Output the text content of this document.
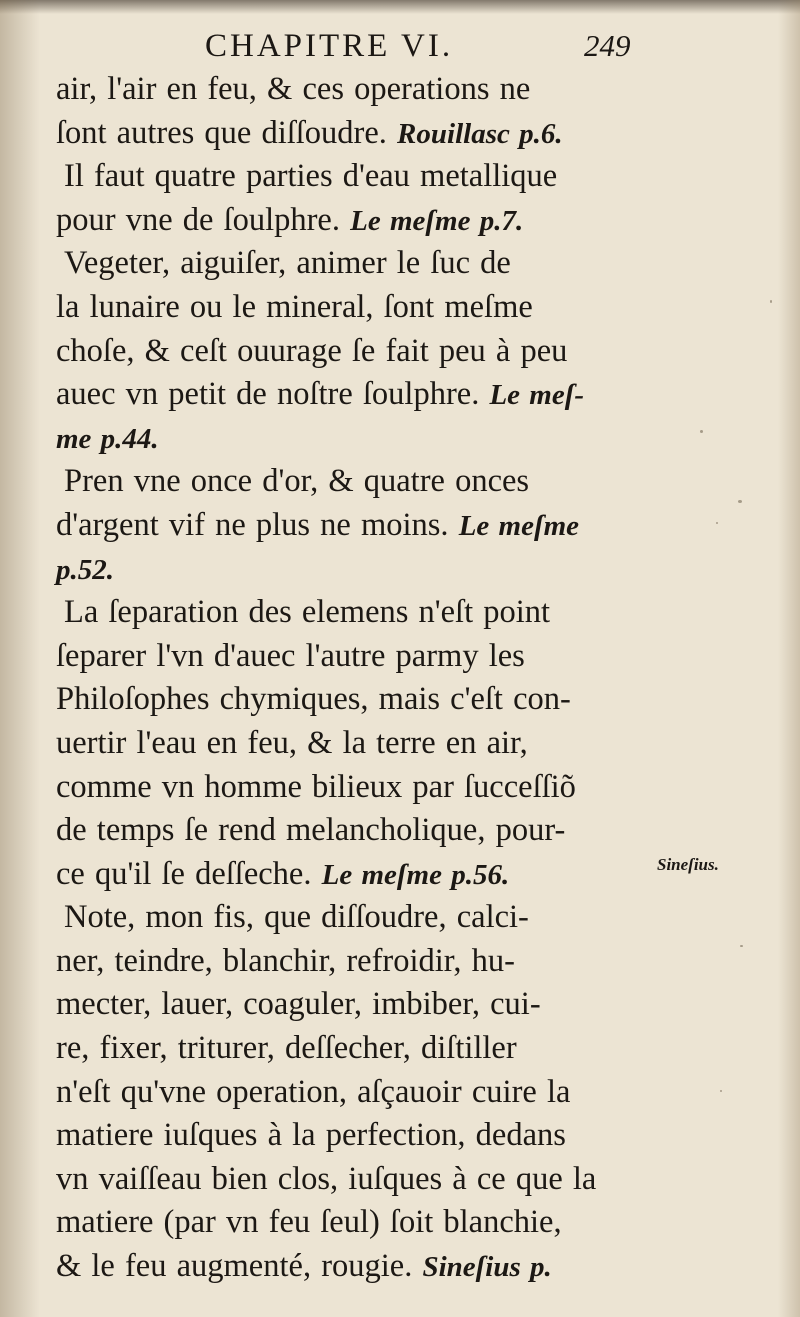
CHAPITRE VI.	249
air, l'air en feu, & ces operations ne
ſont autres que diſſoudre. Rouillasc p.6.
Il faut quatre parties d'eau metallique
pour vne de ſoulphre. Le meſme p.7.
Vegeter, aiguiſer, animer le ſuc de
la lunaire ou le mineral, ſont meſme
choſe, & ceſt ouurage ſe fait peu à peu
auec vn petit de noſtre ſoulphre. Le meſ-
me p.44.
Pren vne once d'or, & quatre onces
d'argent vif ne plus ne moins. Le meſme
p.52.
La ſeparation des elemens n'eſt point
ſeparer l'vn d'auec l'autre parmy les
Philoſophes chymiques, mais c'eſt con-
uertir l'eau en feu, & la terre en air,
comme vn homme bilieux par ſucceſſiõ
de temps ſe rend melancholique, pour-
ce qu'il ſe deſſeche. Le meſme p.56.
Note, mon fis, que diſſoudre, calci-
ner, teindre, blanchir, refroidir, hu-
mecter, lauer, coaguler, imbiber, cui-
re, fixer, triturer, deſſecher, diſtiller
n'eſt qu'vne operation, aſçauoir cuire la
matiere iuſques à la perfection, dedans
vn vaiſſeau bien clos, iuſques à ce que la
matiere (par vn feu ſeul) ſoit blanchie,
& le feu augmenté, rougie. Sineſius p.
Sineſius.
